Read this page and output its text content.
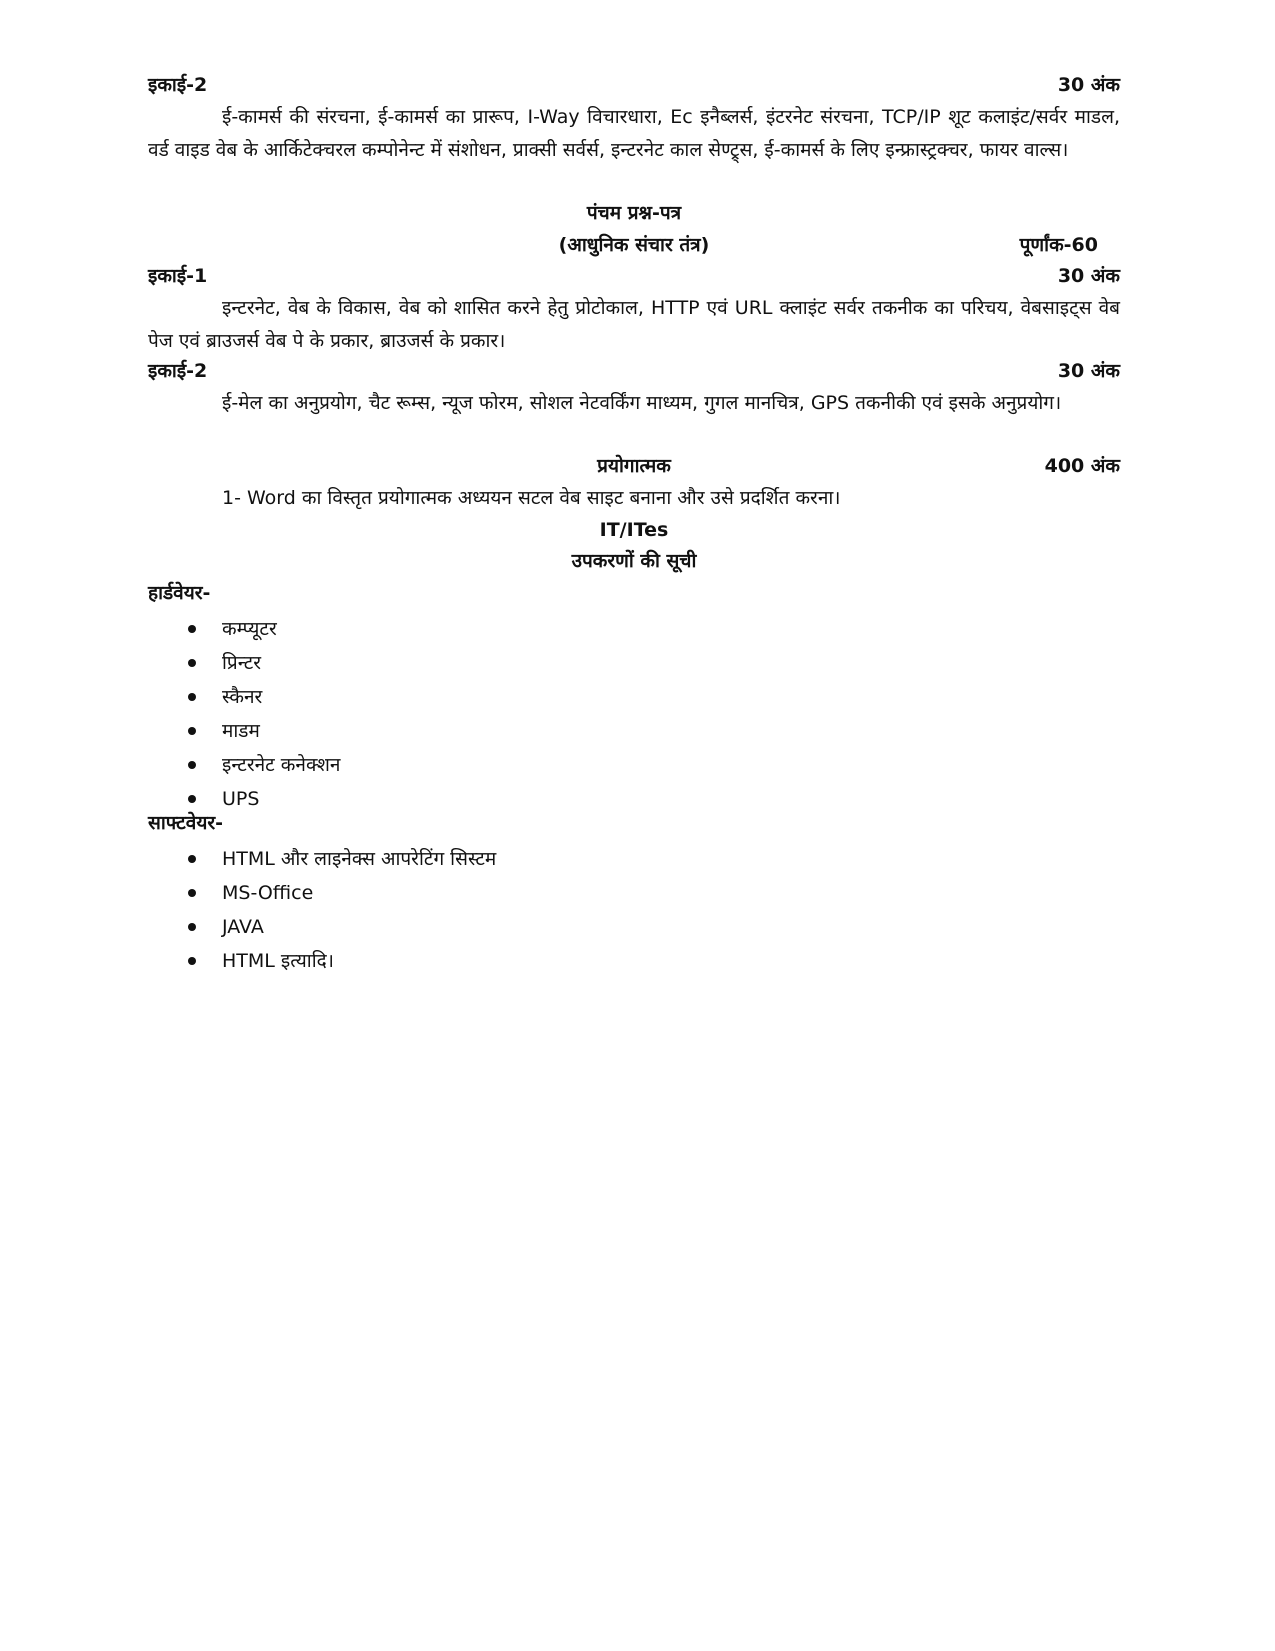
इकाई-2	30 अंक

ई-कामर्स की संरचना, ई-कामर्स का प्रारूप, I-Way विचारधारा, Ec इनैब्लर्स, इंटरनेट संरचना, TCP/IP शूट कलाइंट/सर्वर माडल, वर्ड वाइड वेब के आर्किटेक्चरल कम्पोनेन्ट में संशोधन, प्राक्सी सर्वर्स, इन्टरनेट काल सेण्ट्र्स, ई-कामर्स के लिए इन्फ्रास्ट्रक्चर, फायर वाल्स।

पंचम प्रश्न-पत्र
(आधुनिक संचार तंत्र)	पूर्णांक-60
इकाई-1	30 अंक

इन्टरनेट, वेब के विकास, वेब को शासित करने हेतु प्रोटोकाल, HTTP एवं URL क्लाइंट सर्वर तकनीक का परिचय, वेबसाइट्स वेब पेज एवं ब्राउजर्स वेब पे के प्रकार, ब्राउजर्स के प्रकार।

इकाई-2	30 अंक

ई-मेल का अनुप्रयोग, चैट रूम्स, न्यूज फोरम, सोशल नेटवर्किंग माध्यम, गुगल मानचित्र, GPS तकनीकी एवं इसके अनुप्रयोग।

प्रयोगात्मक	400 अंक
1- Word का विस्तृत प्रयोगात्मक अध्ययन सटल वेब साइट बनाना और उसे प्रदर्शित करना।
IT/ITes
उपकरणों की सूची
हार्डवेयर-
कम्प्यूटर
प्रिन्टर
स्कैनर
माडम
इन्टरनेट कनेक्शन
UPS
साफ्टवेयर-
HTML और लाइनेक्स आपरेटिंग सिस्टम
MS-Office
JAVA
HTML इत्यादि।
